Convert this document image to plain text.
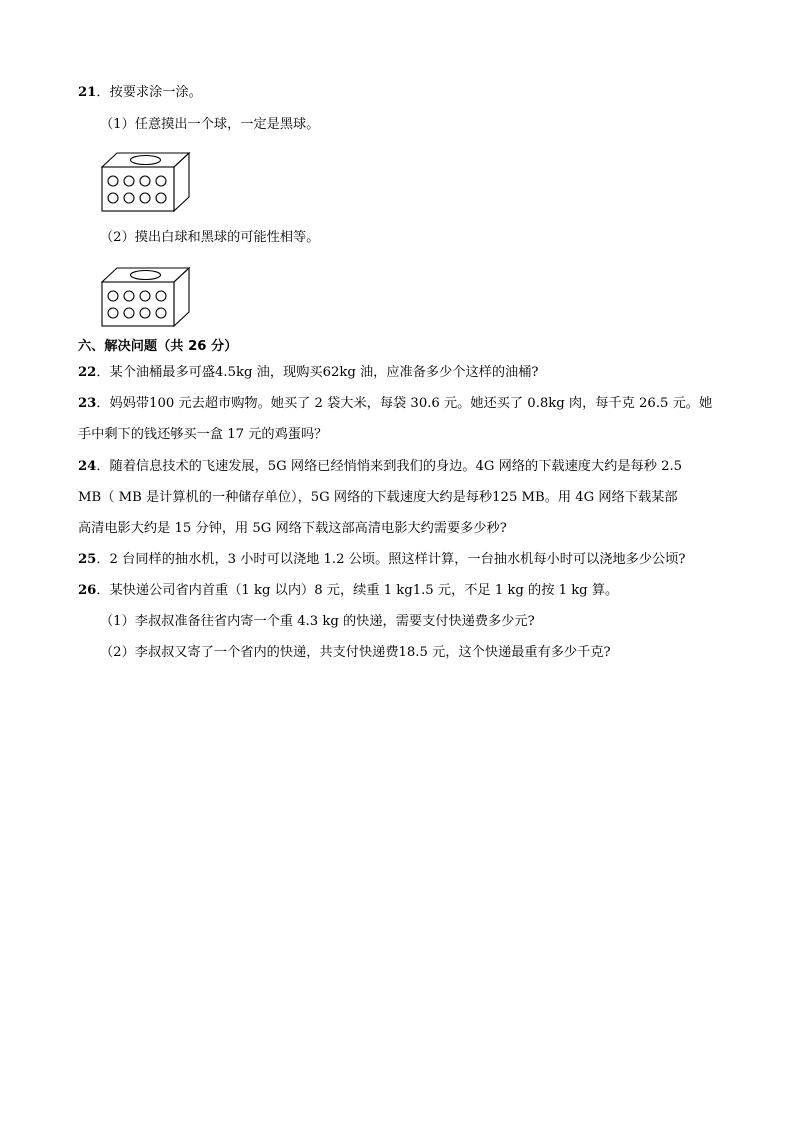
21．按要求涂一涂。
（1）任意摸出一个球，一定是黑球。
（2）摸出白球和黑球的可能性相等。
六、解决问题（共 26 分）
22．某个油桶最多可盛4.5kg 油，现购买62kg 油，应准备多少个这样的油桶?
23．妈妈带100 元去超市购物。她买了 2 袋大米，每袋 30.6 元。她还买了 0.8kg 肉，每千克 26.5 元。她
手中剩下的钱还够买一盒 17 元的鸡蛋吗？
24．随着信息技术的飞速发展，5G 网络已经悄悄来到我们的身边。4G 网络的下载速度大约是每秒 2.5
MB（ MB 是计算机的一种储存单位），5G 网络的下载速度大约是每秒125 MB。用 4G 网络下载某部
高清电影大约是 15 分钟，用 5G 网络下载这部高清电影大约需要多少秒?
25．2 台同样的抽水机，3 小时可以浇地 1.2 公顷。照这样计算，一台抽水机每小时可以浇地多少公顷?
26．某快递公司省内首重（1 kg 以内）8 元，续重 1 kg1.5 元，不足 1 kg 的按 1 kg 算。
（1）李叔叔准备往省内寄一个重 4.3 kg 的快递，需要支付快递费多少元?
（2）李叔叔又寄了一个省内的快递，共支付快递费18.5 元，这个快递最重有多少千克?
